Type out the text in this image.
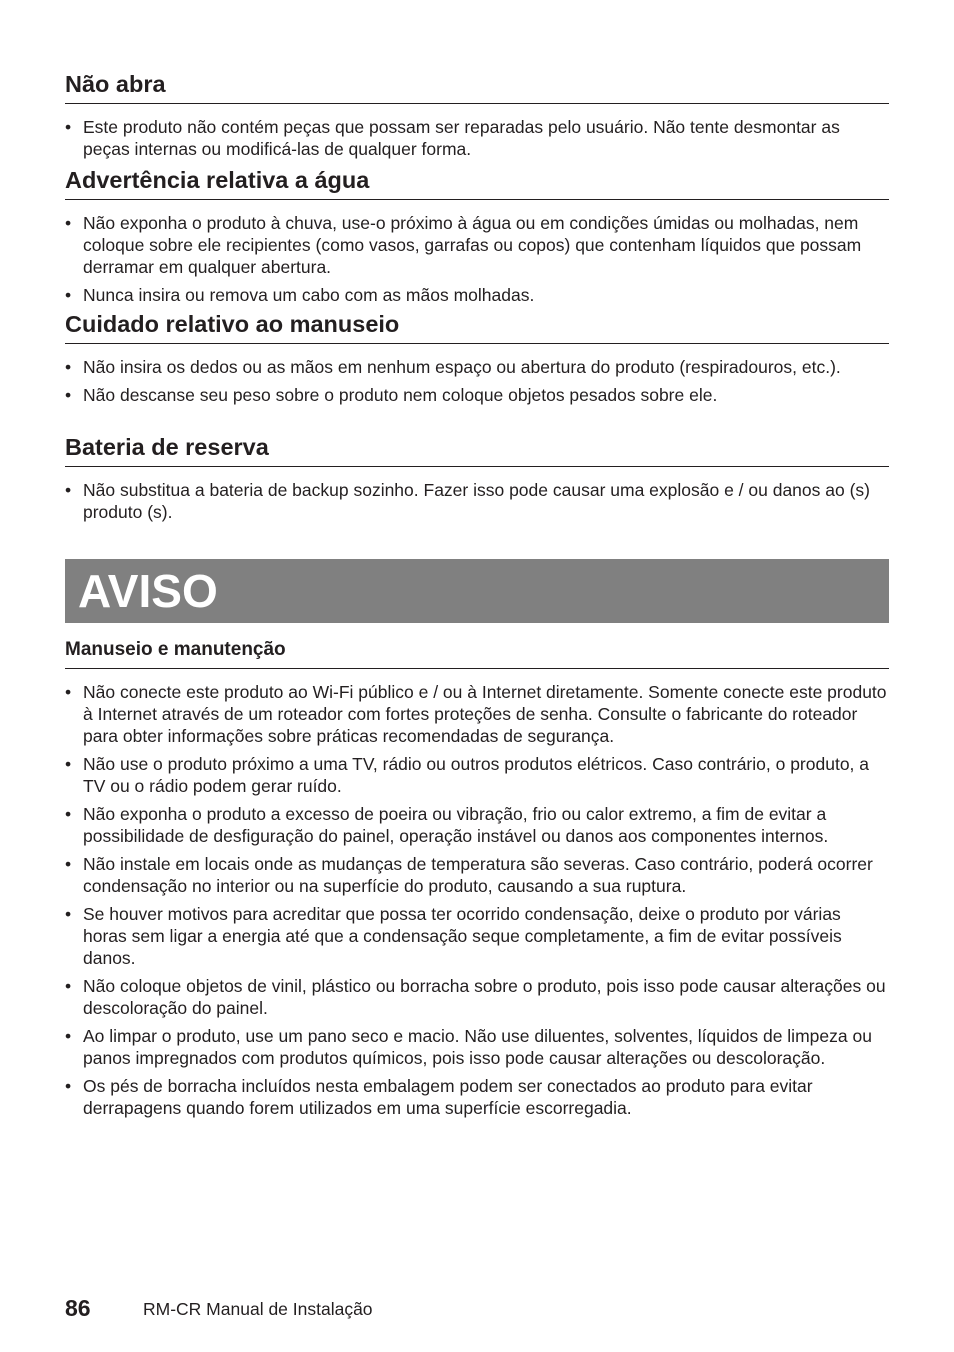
Não abra
• Este produto não contém peças que possam ser reparadas pelo usuário. Não tente desmontar as peças internas ou modificá-las de qualquer forma.
Advertência relativa a água
• Não exponha o produto à chuva, use-o próximo à água ou em condições úmidas ou molhadas, nem coloque sobre ele recipientes (como vasos, garrafas ou copos) que contenham líquidos que possam derramar em qualquer abertura.
• Nunca insira ou remova um cabo com as mãos molhadas.
Cuidado relativo ao manuseio
• Não insira os dedos ou as mãos em nenhum espaço ou abertura do produto (respiradouros, etc.).
• Não descanse seu peso sobre o produto nem coloque objetos pesados sobre ele.
Bateria de reserva
• Não substitua a bateria de backup sozinho. Fazer isso pode causar uma explosão e / ou danos ao (s) produto (s).
AVISO
Manuseio e manutenção
• Não conecte este produto ao Wi-Fi público e / ou à Internet diretamente. Somente conecte este produto à Internet através de um roteador com fortes proteções de senha. Consulte o fabricante do roteador para obter informações sobre práticas recomendadas de segurança.
• Não use o produto próximo a uma TV, rádio ou outros produtos elétricos. Caso contrário, o produto, a TV ou o rádio podem gerar ruído.
• Não exponha o produto a excesso de poeira ou vibração, frio ou calor extremo, a fim de evitar a possibilidade de desfiguração do painel, operação instável ou danos aos componentes internos.
• Não instale em locais onde as mudanças de temperatura são severas. Caso contrário, poderá ocorrer condensação no interior ou na superfície do produto, causando a sua ruptura.
• Se houver motivos para acreditar que possa ter ocorrido condensação, deixe o produto por várias horas sem ligar a energia até que a condensação seque completamente, a fim de evitar possíveis danos.
• Não coloque objetos de vinil, plástico ou borracha sobre o produto, pois isso pode causar alterações ou descoloração do painel.
• Ao limpar o produto, use um pano seco e macio. Não use diluentes, solventes, líquidos de limpeza ou panos impregnados com produtos químicos, pois isso pode causar alterações ou descoloração.
• Os pés de borracha incluídos nesta embalagem podem ser conectados ao produto para evitar derrapagens quando forem utilizados em uma superfície escorregadia.
86	RM-CR Manual de Instalação
